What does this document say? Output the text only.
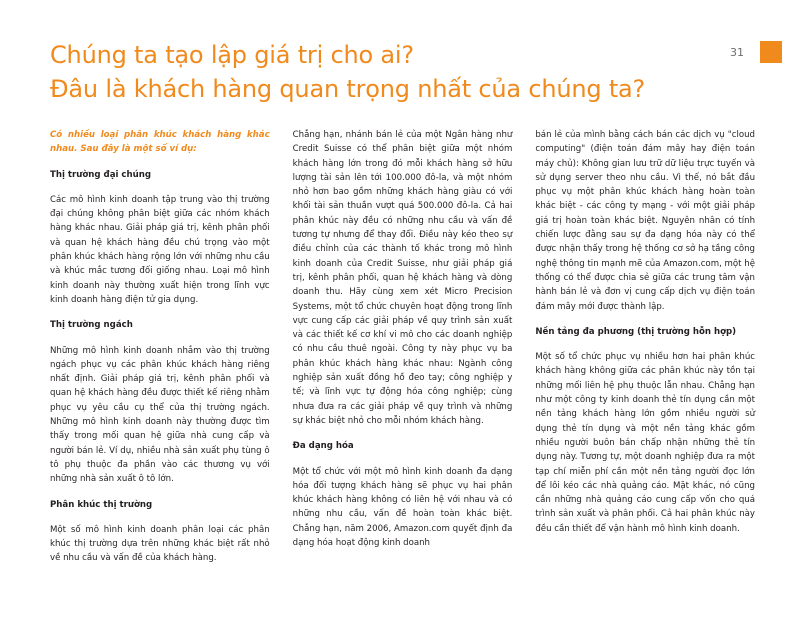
31
Chúng ta tạo lập giá trị cho ai?
Đâu là khách hàng quan trọng nhất của chúng ta?

Có nhiều loại phân khúc khách hàng khác nhau. Sau đây là một số ví dụ:

Thị trường đại chúng

Các mô hình kinh doanh tập trung vào thị trường đại chúng không phân biệt giữa các nhóm khách hàng khác nhau. Giải pháp giá trị, kênh phân phối và quan hệ khách hàng đều chú trọng vào một phân khúc khách hàng rộng lớn với những nhu cầu và khúc mắc tương đối giống nhau. Loại mô hình kinh doanh này thường xuất hiện trong lĩnh vực kinh doanh hàng điện tử gia dụng.

Thị trường ngách

Những mô hình kinh doanh nhắm vào thị trường ngách phục vụ các phân khúc khách hàng riêng nhất định. Giải pháp giá trị, kênh phân phối và quan hệ khách hàng đều được thiết kế riêng nhằm phục vụ yêu cầu cụ thể của thị trường ngách. Những mô hình kinh doanh này thường được tìm thấy trong mối quan hệ giữa nhà cung cấp và người bán lẻ. Ví dụ, nhiều nhà sản xuất phụ tùng ô tô phụ thuộc đa phần vào các thương vụ với những nhà sản xuất ô tô lớn.

Phân khúc thị trường

Một số mô hình kinh doanh phân loại các phân khúc thị trường dựa trên những khác biệt rất nhỏ về nhu cầu và vấn đề của khách hàng.

Chẳng hạn, nhánh bán lẻ của một Ngân hàng như Credit Suisse có thể phân biệt giữa một nhóm khách hàng lớn trong đó mỗi khách hàng sở hữu lượng tài sản lên tới 100.000 đô-la, và một nhóm nhỏ hơn bao gồm những khách hàng giàu có với khối tài sản thuần vượt quá 500.000 đô-la. Cả hai phân khúc này đều có những nhu cầu và vấn đề tương tự nhưng để thay đổi. Điều này kéo theo sự điều chỉnh của các thành tố khác trong mô hình kinh doanh của Credit Suisse, như giải pháp giá trị, kênh phân phối, quan hệ khách hàng và dòng doanh thu. Hãy cùng xem xét Micro Precision Systems, một tổ chức chuyên hoạt động trong lĩnh vực cung cấp các giải pháp về quy trình sản xuất và các thiết kế cơ khí vi mô cho các doanh nghiệp có nhu cầu thuê ngoài. Công ty này phục vụ ba phân khúc khách hàng khác nhau: Ngành công nghiệp sản xuất đồng hồ đeo tay; công nghiệp y tế; và lĩnh vực tự động hóa công nghiệp; cùng nhưa đưa ra các giải pháp về quy trình và những sự khác biệt nhỏ cho mỗi nhóm khách hàng.

Đa dạng hóa

Một tổ chức với một mô hình kinh doanh đa dạng hóa đối tượng khách hàng sẽ phục vụ hai phân khúc khách hàng không có liên hệ với nhau và có những nhu cầu, vấn đề hoàn toàn khác biệt. Chẳng hạn, năm 2006, Amazon.com quyết định đa dạng hóa hoạt động kinh doanh

bán lẻ của mình bằng cách bán các dịch vụ "cloud computing" (điện toán đám mây hay điện toán máy chủ): Không gian lưu trữ dữ liệu trực tuyến và sử dụng server theo nhu cầu. Vì thế, nó bắt đầu phục vụ một phân khúc khách hàng hoàn toàn khác biệt - các công ty mạng - với một giải pháp giá trị hoàn toàn khác biệt. Nguyên nhân có tính chiến lược đằng sau sự đa dạng hóa này có thể được nhận thấy trong hệ thống cơ sở hạ tầng công nghệ thông tin mạnh mẽ của Amazon.com, một hệ thống có thể được chia sẻ giữa các trung tâm vận hành bán lẻ và đơn vị cung cấp dịch vụ điện toán đám mây mới được thành lập.

Nền tảng đa phương (thị trường hỗn hợp)

Một số tổ chức phục vụ nhiều hơn hai phân khúc khách hàng không giữa các phân khúc này tồn tại những mối liên hệ phụ thuộc lẫn nhau. Chẳng hạn như một công ty kinh doanh thẻ tín dụng cần một nền tảng khách hàng lớn gồm nhiều người sử dụng thẻ tín dụng và một nền tảng khác gồm nhiều người buôn bán chấp nhận những thẻ tín dụng này. Tương tự, một doanh nghiệp đưa ra một tạp chí miễn phí cần một nền tảng người đọc lớn để lôi kéo các nhà quảng cáo. Mặt khác, nó cũng cần những nhà quảng cáo cung cấp vốn cho quá trình sản xuất và phân phối. Cả hai phân khúc này đều cần thiết để vận hành mô hình kinh doanh.
